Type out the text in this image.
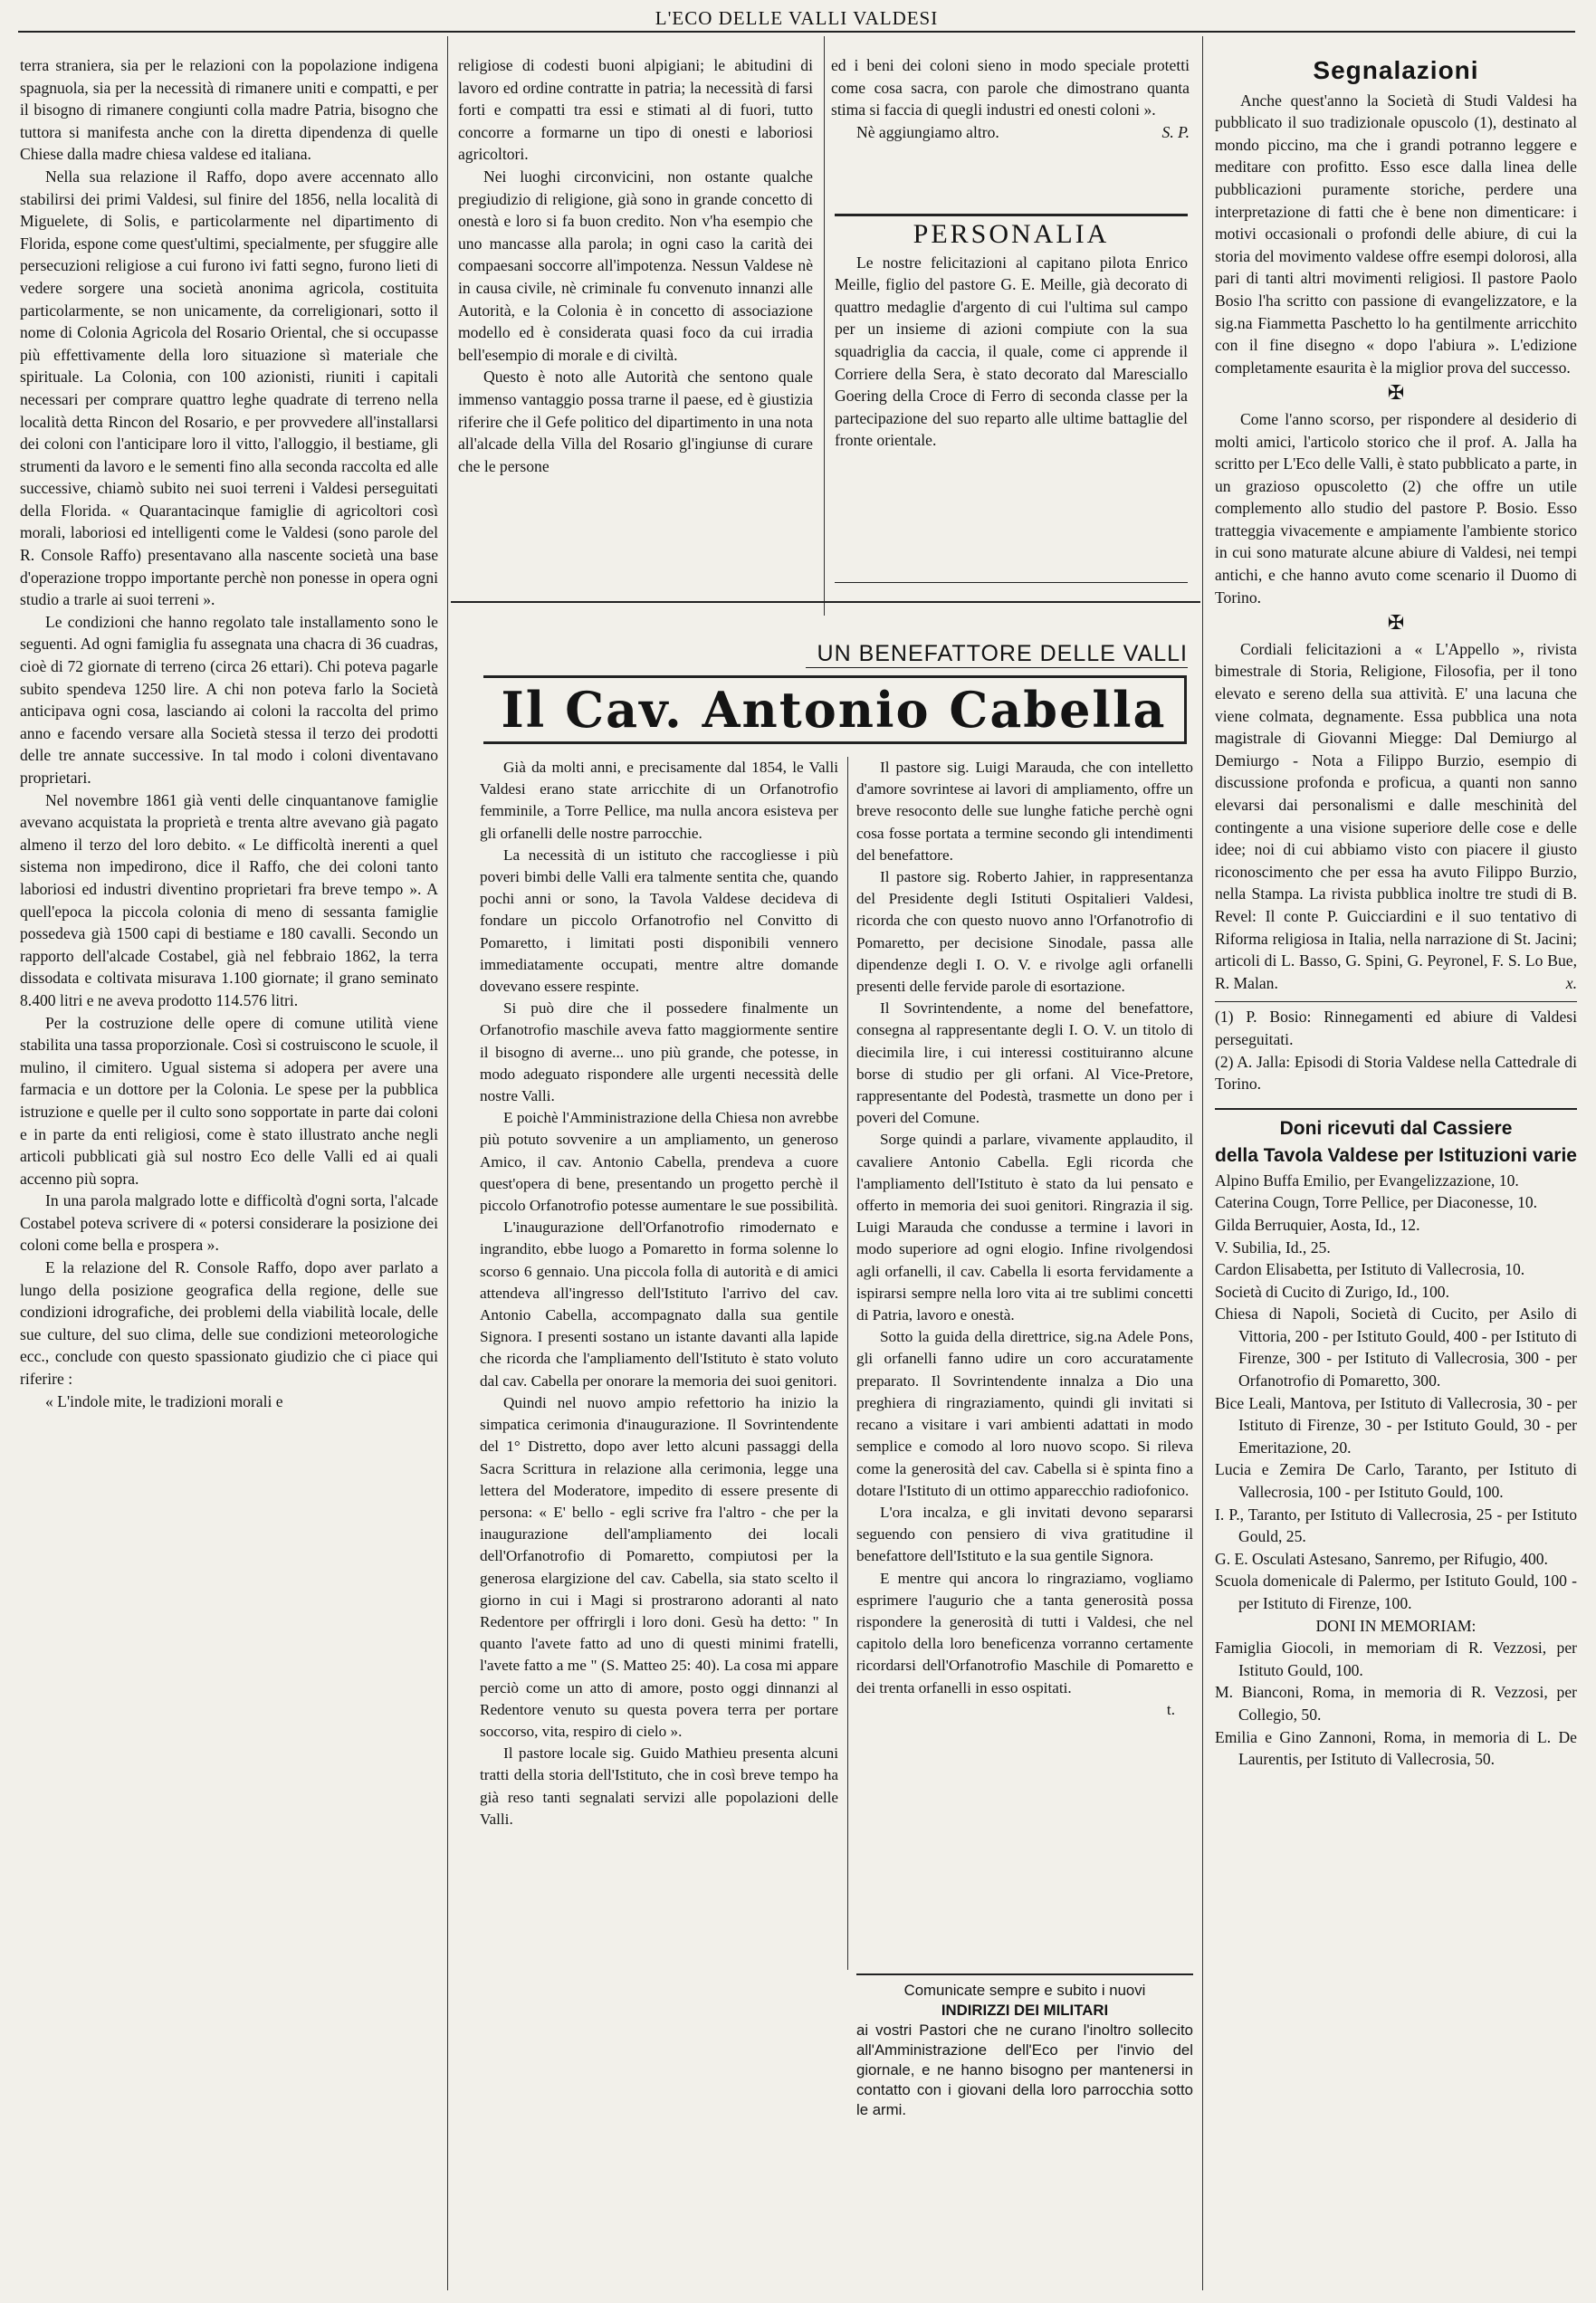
L'ECO DELLE VALLI VALDESI

terra straniera, sia per le relazioni con la popolazione indigena spagnuola, sia per la necessità di rimanere uniti e compatti, e per il bisogno di rimanere congiunti colla madre Patria, bisogno che tuttora si manifesta anche con la diretta dipendenza di quelle Chiese dalla madre chiesa valdese ed italiana.

Nella sua relazione il Raffo, dopo avere accennato allo stabilirsi dei primi Valdesi, sul finire del 1856, nella località di Miguelete, di Solis, e particolarmente nel dipartimento di Florida, espone come quest'ultimi, specialmente, per sfuggire alle persecuzioni religiose a cui furono ivi fatti segno, furono lieti di vedere sorgere una società anonima agricola, costituita particolarmente, se non unicamente, da correligionari, sotto il nome di Colonia Agricola del Rosario Oriental, che si occupasse più effettivamente della loro situazione sì materiale che spirituale. La Colonia, con 100 azionisti, riuniti i capitali necessari per comprare quattro leghe quadrate di terreno nella località detta Rincon del Rosario, e per provvedere all'installarsi dei coloni con l'anticipare loro il vitto, l'alloggio, il bestiame, gli strumenti da lavoro e le sementi fino alla seconda raccolta ed alle successive, chiamò subito nei suoi terreni i Valdesi perseguitati della Florida. « Quarantacinque famiglie di agricoltori così morali, laboriosi ed intelligenti come le Valdesi (sono parole del R. Console Raffo) presentavano alla nascente società una base d'operazione troppo importante perchè non ponesse in opera ogni studio a trarle ai suoi terreni ».

Le condizioni che hanno regolato tale installamento sono le seguenti. Ad ogni famiglia fu assegnata una chacra di 36 cuadras, cioè di 72 giornate di terreno (circa 26 ettari). Chi poteva pagarle subito spendeva 1250 lire. A chi non poteva farlo la Società anticipava ogni cosa, lasciando ai coloni la raccolta del primo anno e facendo versare alla Società stessa il terzo dei prodotti delle tre annate successive. In tal modo i coloni diventavano proprietari.

Nel novembre 1861 già venti delle cinquantanove famiglie avevano acquistata la proprietà e trenta altre avevano già pagato almeno il terzo del loro debito. « Le difficoltà inerenti a quel sistema non impedirono, dice il Raffo, che dei coloni tanto laboriosi ed industri diventino proprietari fra breve tempo ». A quell'epoca la piccola colonia di meno di sessanta famiglie possedeva già 1500 capi di bestiame e 180 cavalli. Secondo un rapporto dell'alcade Costabel, già nel febbraio 1862, la terra dissodata e coltivata misurava 1.100 giornate; il grano seminato 8.400 litri e ne aveva prodotto 114.576 litri.

Per la costruzione delle opere di comune utilità viene stabilita una tassa proporzionale. Così si costruiscono le scuole, il mulino, il cimitero. Ugual sistema si adopera per avere una farmacia e un dottore per la Colonia. Le spese per la pubblica istruzione e quelle per il culto sono sopportate in parte dai coloni e in parte da enti religiosi, come è stato illustrato anche negli articoli pubblicati già sul nostro Eco delle Valli ed ai quali accenno più sopra.

In una parola malgrado lotte e difficoltà d'ogni sorta, l'alcade Costabel poteva scrivere di « potersi considerare la posizione dei coloni come bella e prospera ».

E la relazione del R. Console Raffo, dopo aver parlato a lungo della posizione geografica della regione, delle sue condizioni idrografiche, dei problemi della viabilità locale, delle sue culture, del suo clima, delle sue condizioni meteorologiche ecc., conclude con questo spassionato giudizio che ci piace qui riferire :

« L'indole mite, le tradizioni morali e

religiose di codesti buoni alpigiani; le abitudini di lavoro ed ordine contratte in patria; la necessità di farsi forti e compatti tra essi e stimati al di fuori, tutto concorre a formarne un tipo di onesti e laboriosi agricoltori.

Nei luoghi circonvicini, non ostante qualche pregiudizio di religione, già sono in grande concetto di onestà e loro si fa buon credito. Non v'ha esempio che uno mancasse alla parola; in ogni caso la carità dei compaesani soccorre all'impotenza. Nessun Valdese nè in causa civile, nè criminale fu convenuto innanzi alle Autorità, e la Colonia è in concetto di associazione modello ed è considerata quasi foco da cui irradia bell'esempio di morale e di civiltà.

Questo è noto alle Autorità che sentono quale immenso vantaggio possa trarne il paese, ed è giustizia riferire che il Gefe politico del dipartimento in una nota all'alcade della Villa del Rosario gl'ingiunse di curare che le persone

ed i beni dei coloni sieno in modo speciale protetti come cosa sacra, con parole che dimostrano quanta stima si faccia di quegli industri ed onesti coloni ».

Nè aggiungiamo altro.	S. P.

PERSONALIA

Le nostre felicitazioni al capitano pilota Enrico Meille, figlio del pastore G. E. Meille, già decorato di quattro medaglie d'argento di cui l'ultima sul campo per un insieme di azioni compiute con la sua squadriglia da caccia, il quale, come ci apprende il Corriere della Sera, è stato decorato dal Maresciallo Goering della Croce di Ferro di seconda classe per la partecipazione del suo reparto alle ultime battaglie del fronte orientale.

UN BENEFATTORE DELLE VALLI
Il Cav. Antonio Cabella

Già da molti anni, e precisamente dal 1854, le Valli Valdesi erano state arricchite di un Orfanotrofio femminile, a Torre Pellice, ma nulla ancora esisteva per gli orfanelli delle nostre parrocchie.

La necessità di un istituto che raccogliesse i più poveri bimbi delle Valli era talmente sentita che, quando pochi anni or sono, la Tavola Valdese decideva di fondare un piccolo Orfanotrofio nel Convitto di Pomaretto, i limitati posti disponibili vennero immediatamente occupati, mentre altre domande dovevano essere respinte.

Si può dire che il possedere finalmente un Orfanotrofio maschile aveva fatto maggiormente sentire il bisogno di averne... uno più grande, che potesse, in modo adeguato rispondere alle urgenti necessità delle nostre Valli.

E poichè l'Amministrazione della Chiesa non avrebbe più potuto sovvenire a un ampliamento, un generoso Amico, il cav. Antonio Cabella, prendeva a cuore quest'opera di bene, presentando un progetto perchè il piccolo Orfanotrofio potesse aumentare le sue possibilità.

L'inaugurazione dell'Orfanotrofio rimodernato e ingrandito, ebbe luogo a Pomaretto in forma solenne lo scorso 6 gennaio. Una piccola folla di autorità e di amici attendeva all'ingresso dell'Istituto l'arrivo del cav. Antonio Cabella, accompagnato dalla sua gentile Signora. I presenti sostano un istante davanti alla lapide che ricorda che l'ampliamento dell'Istituto è stato voluto dal cav. Cabella per onorare la memoria dei suoi genitori.

Quindi nel nuovo ampio refettorio ha inizio la simpatica cerimonia d'inaugurazione. Il Sovrintendente del 1° Distretto, dopo aver letto alcuni passaggi della Sacra Scrittura in relazione alla cerimonia, legge una lettera del Moderatore, impedito di essere presente di persona: « E' bello - egli scrive fra l'altro - che per la inaugurazione dell'ampliamento dei locali dell'Orfanotrofio di Pomaretto, compiutosi per la generosa elargizione del cav. Cabella, sia stato scelto il giorno in cui i Magi si prostrarono adoranti al nato Redentore per offrirgli i loro doni. Gesù ha detto: " In quanto l'avete fatto ad uno di questi minimi fratelli, l'avete fatto a me " (S. Matteo 25: 40). La cosa mi appare perciò come un atto di amore, posto oggi dinnanzi al Redentore venuto su questa povera terra per portare soccorso, vita, respiro di cielo ».

Il pastore locale sig. Guido Mathieu presenta alcuni tratti della storia dell'Istituto, che in così breve tempo ha già reso tanti segnalati servizi alle popolazioni delle Valli.

Il pastore sig. Luigi Marauda, che con intelletto d'amore sovrintese ai lavori di ampliamento, offre un breve resoconto delle sue lunghe fatiche perchè ogni cosa fosse portata a termine secondo gli intendimenti del benefattore.

Il pastore sig. Roberto Jahier, in rappresentanza del Presidente degli Istituti Ospitalieri Valdesi, ricorda che con questo nuovo anno l'Orfanotrofio di Pomaretto, per decisione Sinodale, passa alle dipendenze degli I. O. V. e rivolge agli orfanelli presenti delle fervide parole di esortazione.

Il Sovrintendente, a nome del benefattore, consegna al rappresentante degli I. O. V. un titolo di diecimila lire, i cui interessi costituiranno alcune borse di studio per gli orfani. Al Vice-Pretore, rappresentante del Podestà, trasmette un dono per i poveri del Comune.

Sorge quindi a parlare, vivamente applaudito, il cavaliere Antonio Cabella. Egli ricorda che l'ampliamento dell'Istituto è stato da lui pensato e offerto in memoria dei suoi genitori. Ringrazia il sig. Luigi Marauda che condusse a termine i lavori in modo superiore ad ogni elogio. Infine rivolgendosi agli orfanelli, il cav. Cabella li esorta fervidamente a ispirarsi sempre nella loro vita ai tre sublimi concetti di Patria, lavoro e onestà.

Sotto la guida della direttrice, sig.na Adele Pons, gli orfanelli fanno udire un coro accuratamente preparato. Il Sovrintendente innalza a Dio una preghiera di ringraziamento, quindi gli invitati si recano a visitare i vari ambienti adattati in modo semplice e comodo al loro nuovo scopo. Si rileva come la generosità del cav. Cabella si è spinta fino a dotare l'Istituto di un ottimo apparecchio radiofonico.

L'ora incalza, e gli invitati devono separarsi seguendo con pensiero di viva gratitudine il benefattore dell'Istituto e la sua gentile Signora.

E mentre qui ancora lo ringraziamo, vogliamo esprimere l'augurio che a tanta generosità possa rispondere la generosità di tutti i Valdesi, che nel capitolo della loro beneficenza vorranno certamente ricordarsi dell'Orfanotrofio Maschile di Pomaretto e dei trenta orfanelli in esso ospitati.

t.
Comunicate sempre e subito i nuovi
INDIRIZZI DEI MILITARI
ai vostri Pastori che ne curano l'inoltro sollecito all'Amministrazione dell'Eco per l'invio del giornale, e ne hanno bisogno per mantenersi in contatto con i giovani della loro parrocchia sotto le armi.
Segnalazioni

Anche quest'anno la Società di Studi Valdesi ha pubblicato il suo tradizionale opuscolo (1), destinato al mondo piccino, ma che i grandi potranno leggere e meditare con profitto. Esso esce dalla linea delle pubblicazioni puramente storiche, perdere una interpretazione di fatti che è bene non dimenticare: i motivi occasionali o profondi delle abiure, di cui la storia del movimento valdese offre esempi dolorosi, alla pari di tanti altri movimenti religiosi. Il pastore Paolo Bosio l'ha scritto con passione di evangelizzatore, e la sig.na Fiammetta Paschetto lo ha gentilmente arricchito con il fine disegno « dopo l'abiura ». L'edizione completamente esaurita è la miglior prova del successo.

✠

Come l'anno scorso, per rispondere al desiderio di molti amici, l'articolo storico che il prof. A. Jalla ha scritto per L'Eco delle Valli, è stato pubblicato a parte, in un grazioso opuscoletto (2) che offre un utile complemento allo studio del pastore P. Bosio. Esso tratteggia vivacemente e ampiamente l'ambiente storico in cui sono maturate alcune abiure di Valdesi, nei tempi antichi, e che hanno avuto come scenario il Duomo di Torino.

✠

Cordiali felicitazioni a « L'Appello », rivista bimestrale di Storia, Religione, Filosofia, per il tono elevato e sereno della sua attività. E' una lacuna che viene colmata, degnamente. Essa pubblica una nota magistrale di Giovanni Miegge: Dal Demiurgo al Demiurgo - Nota a Filippo Burzio, esempio di discussione profonda e proficua, a quanti non sanno elevarsi dai personalismi e dalle meschinità del contingente a una visione superiore delle cose e delle idee; noi di cui abbiamo visto con piacere il giusto riconoscimento che per essa ha avuto Filippo Burzio, nella Stampa. La rivista pubblica inoltre tre studi di B. Revel: Il conte P. Guicciardini e il suo tentativo di Riforma religiosa in Italia, nella narrazione di St. Jacini; articoli di L. Basso, G. Spini, G. Peyronel, F. S. Lo Bue, R. Malan.	x.

(1) P. Bosio: Rinnegamenti ed abiure di Valdesi perseguitati.

(2) A. Jalla: Episodi di Storia Valdese nella Cattedrale di Torino.

Doni ricevuti dal Cassiere
della Tavola Valdese per Istituzioni varie

Alpino Buffa Emilio, per Evangelizzazione, 10.

Caterina Cougn, Torre Pellice, per Diaconesse, 10.

Gilda Berruquier, Aosta, Id., 12.

V. Subilia, Id., 25.

Cardon Elisabetta, per Istituto di Vallecrosia, 10.

Società di Cucito di Zurigo, Id., 100.

Chiesa di Napoli, Società di Cucito, per Asilo di Vittoria, 200 - per Istituto Gould, 400 - per Istituto di Firenze, 300 - per Istituto di Vallecrosia, 300 - per Orfanotrofio di Pomaretto, 300.

Bice Leali, Mantova, per Istituto di Vallecrosia, 30 - per Istituto di Firenze, 30 - per Istituto Gould, 30 - per Emeritazione, 20.

Lucia e Zemira De Carlo, Taranto, per Istituto di Vallecrosia, 100 - per Istituto Gould, 100.

I. P., Taranto, per Istituto di Vallecrosia, 25 - per Istituto Gould, 25.

G. E. Osculati Astesano, Sanremo, per Rifugio, 400.

Scuola domenicale di Palermo, per Istituto Gould, 100 - per Istituto di Firenze, 100.

DONI IN MEMORIAM:

Famiglia Giocoli, in memoriam di R. Vezzosi, per Istituto Gould, 100.

M. Bianconi, Roma, in memoria di R. Vezzosi, per Collegio, 50.

Emilia e Gino Zannoni, Roma, in memoria di L. De Laurentis, per Istituto di Vallecrosia, 50.
